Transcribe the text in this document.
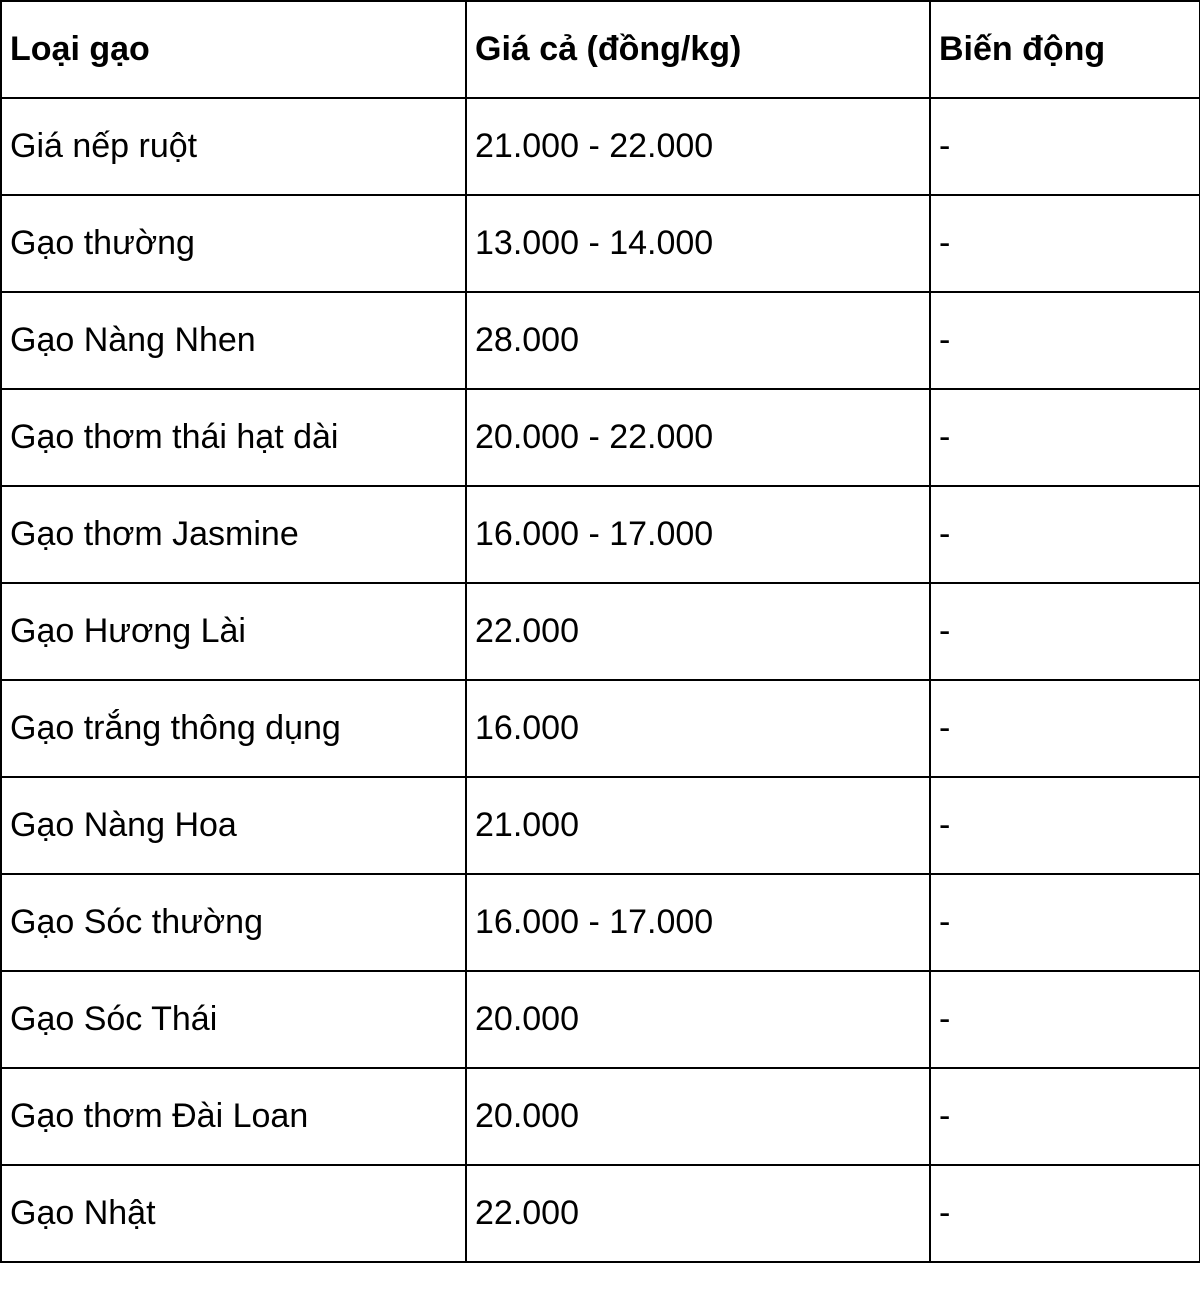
Loại gạo	Giá cả (đồng/kg)	Biến động
Giá nếp ruột	21.000 - 22.000	-
Gạo thường	13.000 - 14.000	-
Gạo Nàng Nhen	28.000	-
Gạo thơm thái hạt dài	20.000 - 22.000	-
Gạo thơm Jasmine	16.000 - 17.000	-
Gạo Hương Lài	22.000	-
Gạo trắng thông dụng	16.000	-
Gạo Nàng Hoa	21.000	-
Gạo Sóc thường	16.000 - 17.000	-
Gạo Sóc Thái	20.000	-
Gạo thơm Đài Loan	20.000	-
Gạo Nhật	22.000	-
